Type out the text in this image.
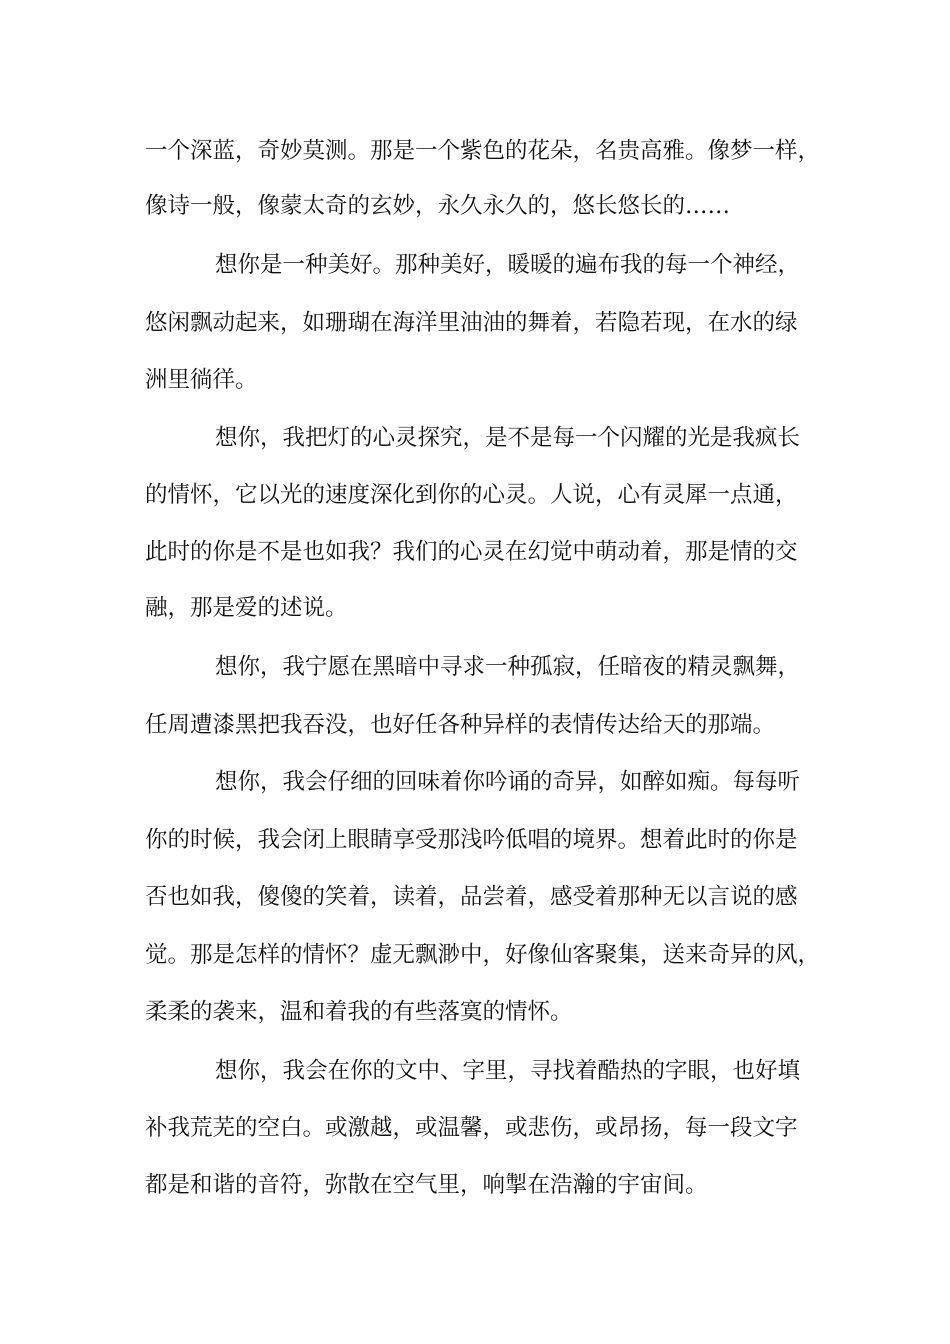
一个深蓝，奇妙莫测。那是一个紫色的花朵，名贵高雅。像梦一样，
像诗一般，像蒙太奇的玄妙，永久永久的，悠长悠长的……
想你是一种美好。那种美好，暖暖的遍布我的每一个神经，
悠闲飘动起来，如珊瑚在海洋里油油的舞着，若隐若现，在水的绿
洲里徜徉。
想你，我把灯的心灵探究，是不是每一个闪耀的光是我疯长
的情怀，它以光的速度深化到你的心灵。人说，心有灵犀一点通，
此时的你是不是也如我？我们的心灵在幻觉中萌动着，那是情的交
融，那是爱的述说。
想你，我宁愿在黑暗中寻求一种孤寂，任暗夜的精灵飘舞，
任周遭漆黑把我吞没，也好任各种异样的表情传达给天的那端。
想你，我会仔细的回味着你吟诵的奇异，如醉如痴。每每听
你的时候，我会闭上眼睛享受那浅吟低唱的境界。想着此时的你是
否也如我，傻傻的笑着，读着，品尝着，感受着那种无以言说的感
觉。那是怎样的情怀？虚无飘渺中，好像仙客聚集，送来奇异的风，
柔柔的袭来，温和着我的有些落寞的情怀。
想你，我会在你的文中、字里，寻找着酷热的字眼，也好填
补我荒芜的空白。或激越，或温馨，或悲伤，或昂扬，每一段文字
都是和谐的音符，弥散在空气里，响掣在浩瀚的宇宙间。
